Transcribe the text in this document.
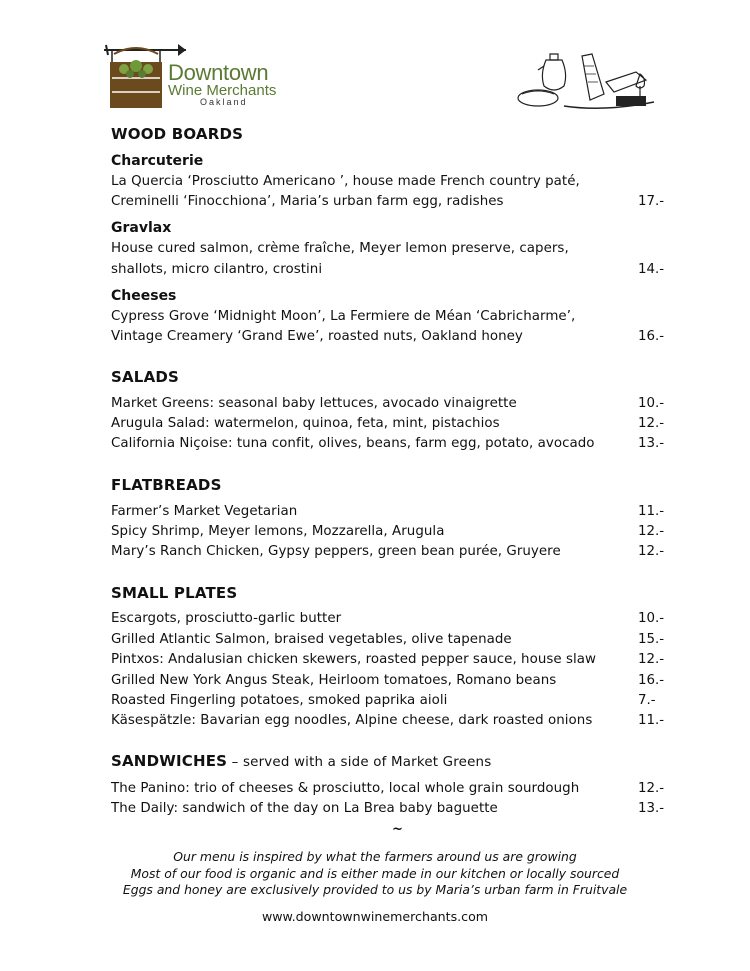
Downtown
Wine Merchants
Oakland
WOOD BOARDS
Charcuterie
La Quercia ‘Prosciutto Americano ’, house made French country paté,
Creminelli ‘Finocchiona’, Maria’s urban farm egg, radishes	17.-
Gravlax
House cured salmon, crème fraîche, Meyer lemon preserve, capers,
shallots, micro cilantro, crostini	14.-
Cheeses
Cypress Grove ‘Midnight Moon’, La Fermiere de Méan ‘Cabricharme’,
Vintage Creamery ‘Grand Ewe’, roasted nuts, Oakland honey	16.-
SALADS
Market Greens: seasonal baby lettuces, avocado vinaigrette	10.-
Arugula Salad: watermelon, quinoa, feta, mint, pistachios	12.-
California Niçoise: tuna confit, olives, beans, farm egg, potato, avocado	13.-
FLATBREADS
Farmer’s Market Vegetarian	11.-
Spicy Shrimp, Meyer lemons, Mozzarella, Arugula	12.-
Mary’s Ranch Chicken, Gypsy peppers, green bean purée, Gruyere	12.-
SMALL PLATES
Escargots, prosciutto-garlic butter	10.-
Grilled Atlantic Salmon, braised vegetables, olive tapenade	15.-
Pintxos: Andalusian chicken skewers, roasted pepper sauce, house slaw	12.-
Grilled New York Angus Steak, Heirloom tomatoes, Romano beans	16.-
Roasted Fingerling potatoes, smoked paprika aioli	7.-
Käsespätzle: Bavarian egg noodles, Alpine cheese, dark roasted onions	11.-
SANDWICHES – served with a side of Market Greens
The Panino: trio of cheeses & prosciutto, local whole grain sourdough	12.-
The Daily: sandwich of the day on La Brea baby baguette	13.-
~
Our menu is inspired by what the farmers around us are growing
Most of our food is organic and is either made in our kitchen or locally sourced
Eggs and honey are exclusively provided to us by Maria’s urban farm in Fruitvale
www.downtownwinemerchants.com
